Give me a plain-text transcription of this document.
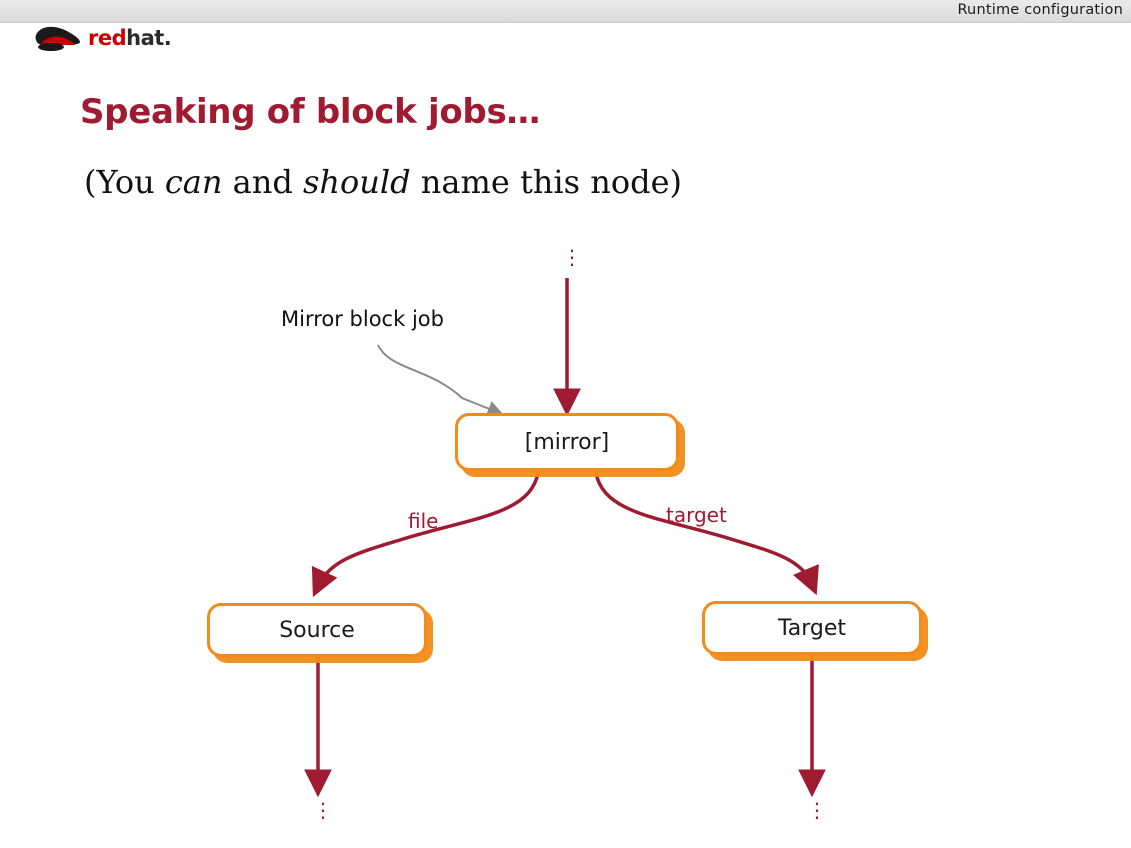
Runtime configuration
redhat.
Speaking of block jobs…
(You can and should name this node)
⋮
⋮	⋮
Mirror block job
file	target
[mirror]
Source	Target
